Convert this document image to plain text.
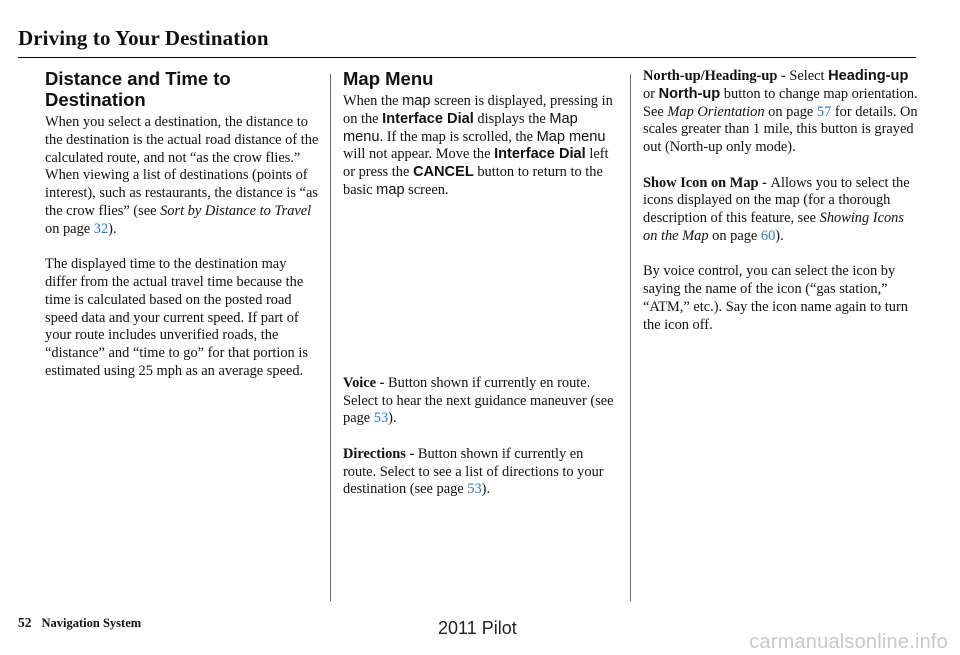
Driving to Your Destination
Distance and Time to Destination

When you select a destination, the distance to the destination is the actual road distance of the calculated route, and not “as the crow flies.” When viewing a list of destinations (points of interest), such as restaurants, the distance is “as the crow flies” (see Sort by Distance to Travel on page 32).

The displayed time to the destination may differ from the actual travel time because the time is calculated based on the posted road speed data and your current speed. If part of your route includes unverified roads, the “distance” and “time to go” for that portion is estimated using 25 mph as an average speed.

Map Menu

When the map screen is displayed, pressing in on the Interface Dial displays the Map menu. If the map is scrolled, the Map menu will not appear. Move the Interface Dial left or press the CANCEL button to return to the basic map screen.

Voice - Button shown if currently en route. Select to hear the next guidance maneuver (see page 53).

Directions - Button shown if currently en route. Select to see a list of directions to your destination (see page 53).

North-up/Heading-up - Select Heading-up or North-up button to change map orientation. See Map Orientation on page 57 for details. On scales greater than 1 mile, this button is grayed out (North-up only mode).

Show Icon on Map - Allows you to select the icons displayed on the map (for a thorough description of this feature, see Showing Icons on the Map on page 60).

By voice control, you can select the icon by saying the name of the icon (“gas station,” “ATM,” etc.). Say the icon name again to turn the icon off.

52 Navigation System	2011 Pilot
carmanualsonline.info
